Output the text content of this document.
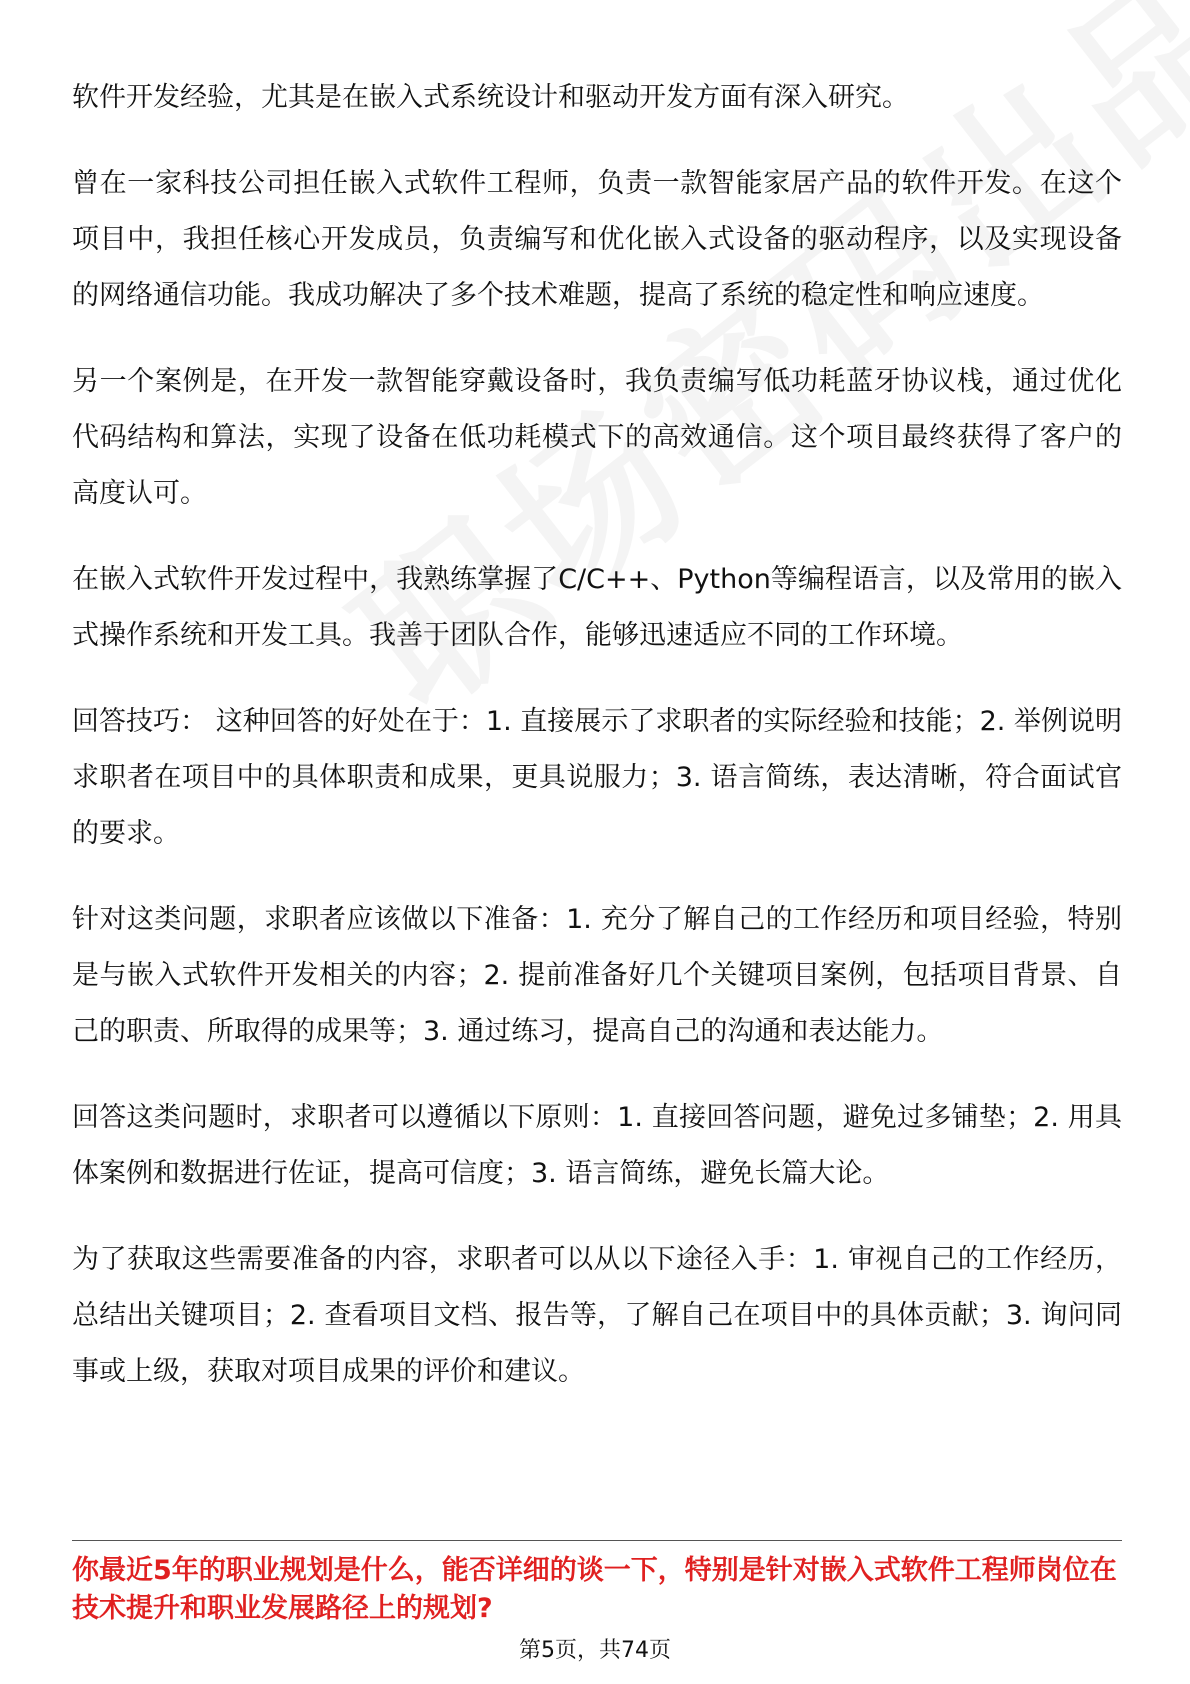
软件开发经验，尤其是在嵌入式系统设计和驱动开发方面有深入研究。

曾在一家科技公司担任嵌入式软件工程师，负责一款智能家居产品的软件开发。在这个项目中，我担任核心开发成员，负责编写和优化嵌入式设备的驱动程序，以及实现设备的网络通信功能。我成功解决了多个技术难题，提高了系统的稳定性和响应速度。

另一个案例是，在开发一款智能穿戴设备时，我负责编写低功耗蓝牙协议栈，通过优化代码结构和算法，实现了设备在低功耗模式下的高效通信。这个项目最终获得了客户的高度认可。

在嵌入式软件开发过程中，我熟练掌握了C/C++、Python等编程语言，以及常用的嵌入式操作系统和开发工具。我善于团队合作，能够迅速适应不同的工作环境。

回答技巧： 这种回答的好处在于：1. 直接展示了求职者的实际经验和技能；2. 举例说明求职者在项目中的具体职责和成果，更具说服力；3. 语言简练，表达清晰，符合面试官的要求。

针对这类问题，求职者应该做以下准备：1. 充分了解自己的工作经历和项目经验，特别是与嵌入式软件开发相关的内容；2. 提前准备好几个关键项目案例，包括项目背景、自己的职责、所取得的成果等；3. 通过练习，提高自己的沟通和表达能力。

回答这类问题时，求职者可以遵循以下原则：1. 直接回答问题，避免过多铺垫；2. 用具体案例和数据进行佐证，提高可信度；3. 语言简练，避免长篇大论。

为了获取这些需要准备的内容，求职者可以从以下途径入手：1. 审视自己的工作经历，总结出关键项目；2. 查看项目文档、报告等，了解自己在项目中的具体贡献；3. 询问同事或上级，获取对项目成果的评价和建议。

你最近5年的职业规划是什么，能否详细的谈一下，特别是针对嵌入式软件工程师岗位在技术提升和职业发展路径上的规划?

第5页，共74页
